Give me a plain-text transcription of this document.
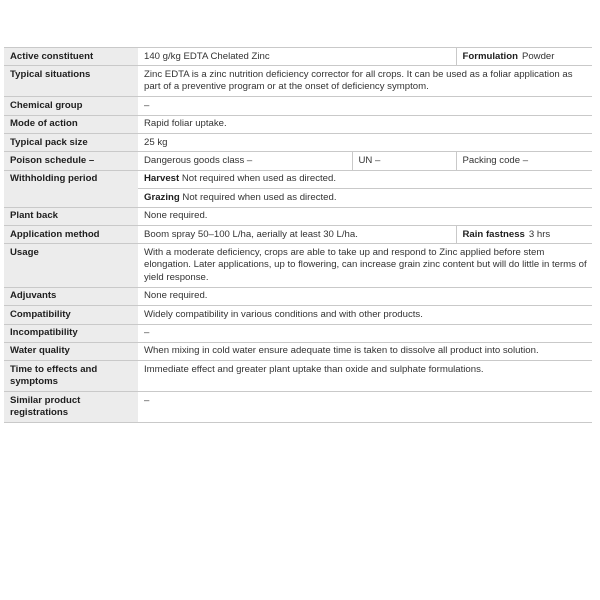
Active constituent	140 g/kg EDTA Chelated Zinc		Formulation Powder
Typical situations	Zinc EDTA is a zinc nutrition deficiency corrector for all crops. It can be used as a foliar application as part of a preventive program or at the onset of deficiency symptom.		
Chemical group	–		
Mode of action	Rapid foliar uptake.		
Typical pack size	25 kg		
Poison schedule –	Dangerous goods class –	UN –	Packing code –
Withholding period	Harvest Not required when used as directed.		
	Grazing Not required when used as directed.		
Plant back	None required.		
Application method	Boom spray 50–100 L/ha, aerially at least 30 L/ha.		Rain fastness 3 hrs
Usage	With a moderate deficiency, crops are able to take up and respond to Zinc applied before stem elongation. Later applications, up to flowering, can increase grain zinc content but will do little in terms of yield response.		
Adjuvants	None required.		
Compatibility	Widely compatibility in various conditions and with other products.		
Incompatibility	–		
Water quality	When mixing in cold water ensure adequate time is taken to dissolve all product into solution.		
Time to effects and symptoms	Immediate effect and greater plant uptake than oxide and sulphate formulations.		
Similar product registrations	–		
